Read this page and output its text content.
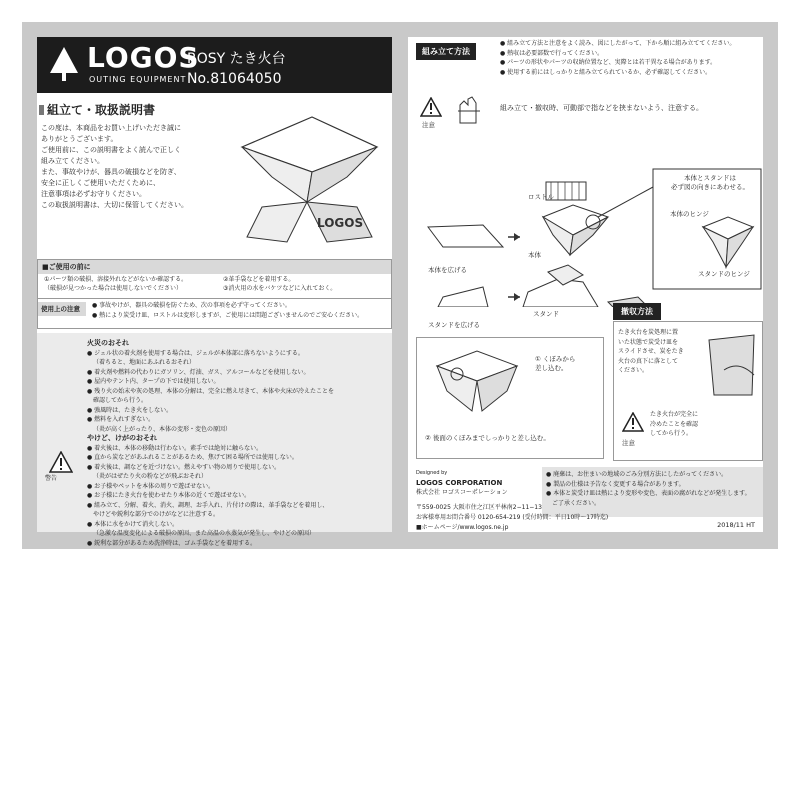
LOGOS
OUTING EQUIPMENT
ROSY たき火台
No.81064050
組立て・取扱説明書
この度は、本商品をお買い上げいただき誠に
ありがとうございます。
ご使用前に、この説明書をよく読んで正しく
組み立てください。
また、事故やけが、器具の破損などを防ぎ、
安全に正しくご使用いただくために、
注意事項は必ずお守りください。
この取扱説明書は、大切に保管してください。
LOGOS
■ご使用の前に
①パーツ類の破損、溶接外れなどがないか確認する。
（破損が見つかった場合は使用しないでください）
②革手袋などを着用する。
③消火用の水をバケツなどに入れておく。
使用上の注意	● 事故やけが、器具の破損を防ぐため、次の事項を必ず守ってください。
● 熱により炭受け皿、ロストルは変形しますが、ご使用には問題ございませんのでご安心ください。
警告
火災のおそれ
● ジェル状の着火剤を使用する場合は、ジェルが本体部に落ちないようにする。
（着ちると、地面にあふれるおそれ）
● 着火剤や燃料の代わりにガソリン、灯油、ガス、アルコールなどを使用しない。
● 屋内やテント内、タープの下では使用しない。
● 残り火の始末や灰の処理、本体の分解は、完全に燃え尽きて、本体や火床が冷えたことを
確認してから行う。
● 強風時は、たき火をしない。
● 燃料を入れすぎない。
（炎が高く上がったり、本体の変形・変色の原因）
やけど、けがのおそれ
● 着火後は、本体の移動は行わない。素手では絶対に触らない。
● 直から炭などがあふれることがあるため、焦げて困る場所では使用しない。
● 着火後は、調などを近づけない。燃えやすい物の周りで使用しない。
（炎がはぜたり火の粉などが飛ぶおそれ）
● お子様やペットを本体の周りで遊ばせない。
● お子様にたき火台を使わせたり本体の近くで遊ばせない。
● 組み立て、分解、着火、消火、調理、お手入れ、片付けの際は、革手袋などを着用し、
やけどや鋭利な部分でのけがなどに注意する。
● 本体に水をかけて消火しない。
（急激な温度変化による破損の原因、また高温の水蒸気が発生し、やけどの原因）
● 鋭利な部分があるため洗浄時は、ゴム手袋などを着用する。
組み立て方法
● 組み立て方法と注意をよく読み、図にしたがって、下から順に組み立ててください。
● 熱収は必要部数で行ってください。
● パーツの形状やパーツの収納位置など、実際とは若干異なる場合があります。
● 使用する前にはしっかりと組み立てられているか、必ず確認してください。
注意
組み立て・撤収時、可動部で指などを挟まないよう、注意する。
ロストル
本体
本体を広げる
本体とスタンドは
必ず図の向きにあわせる。
本体のヒンジ
スタンドのヒンジ
スタンドを広げる
スタンド
① くぼみから
差し込む。
② 後面のくぼみまでしっかりと差し込む。
撤収方法
たき火台を炭処理に置
いた状態で炭受け皿を
スライドさせ、炭をたき
火台の真下に落として
ください。
注意
たき火台が完全に
冷めたことを確認
してから行う。
● 廃棄は、お住まいの地域のごみ分別方法にしたがってください。
● 製品の仕様は予告なく変更する場合があります。
● 本体と炭受け皿は熱により変形や変色、表面の腐がれなどが発生します。
ご了承ください。
Designed by
LOGOS CORPORATION
株式会社 ロゴスコーポレーション
〒559-0025 大阪市住之江区平林南2−11−13
お客様専用お問合番号 0120-654-219 (受付時間：平日10時〜17時迄)
■ホームページ/www.logos.ne.jp	2018/11 HT
